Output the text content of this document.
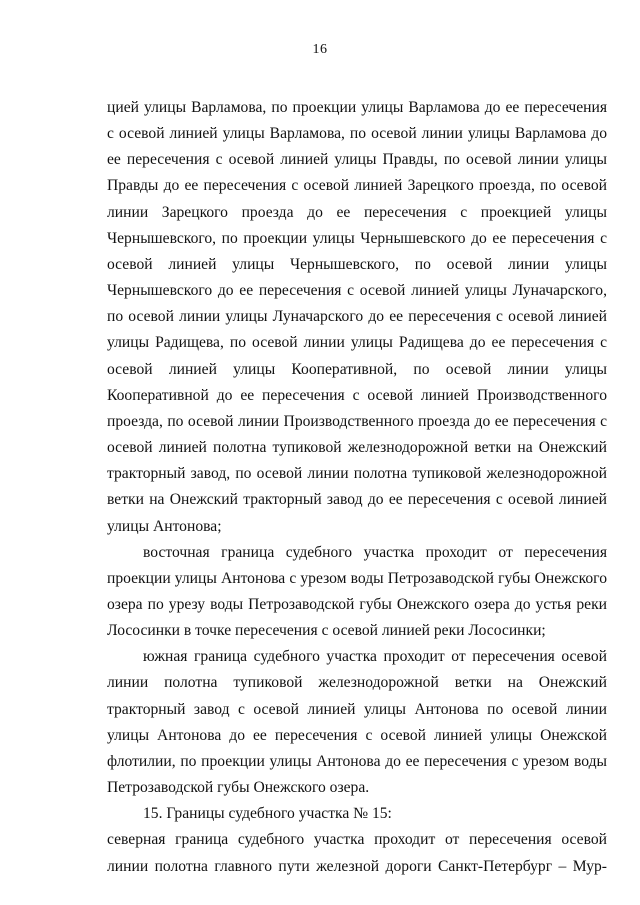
16

цией улицы Варламова, по проекции улицы Варламова до ее пересечения с осевой линией улицы Варламова, по осевой линии улицы Варламова до ее пересечения с осевой линией улицы Правды, по осевой линии улицы Правды до ее пересечения с осевой линией Зарецкого проезда, по осевой линии Зарецкого проезда до ее пересечения с проекцией улицы Чернышевского, по проекции улицы Чернышевского до ее пересечения с осевой линией улицы Чернышевского, по осевой линии улицы Чернышевского до ее пересечения с осевой линией улицы Луначарского, по осевой линии улицы Луначарского до ее пересечения с осевой линией улицы Радищева, по осевой линии улицы Радищева до ее пересечения с осевой линией улицы Кооперативной, по осевой линии улицы Кооперативной до ее пересечения с осевой линией Производственного проезда, по осевой линии Производственного проезда до ее пересечения с осевой линией полотна тупиковой железнодорожной ветки на Онежский тракторный завод, по осевой линии полотна тупиковой железнодорожной ветки на Онежский тракторный завод до ее пересечения с осевой линией улицы Антонова;

восточная граница судебного участка проходит от пересечения проекции улицы Антонова с урезом воды Петрозаводской губы Онежского озера по урезу воды Петрозаводской губы Онежского озера до устья реки Лососинки в точке пересечения с осевой линией реки Лососинки;

южная граница судебного участка проходит от пересечения осевой линии полотна тупиковой железнодорожной ветки на Онежский тракторный завод с осевой линией улицы Антонова по осевой линии улицы Антонова до ее пересечения с осевой линией улицы Онежской флотилии, по проекции улицы Антонова до ее пересечения с урезом воды Петрозаводской губы Онежского озера.

15. Границы судебного участка № 15:

северная граница судебного участка проходит от пересечения осевой линии полотна главного пути железной дороги Санкт-Петербург – Мур-
